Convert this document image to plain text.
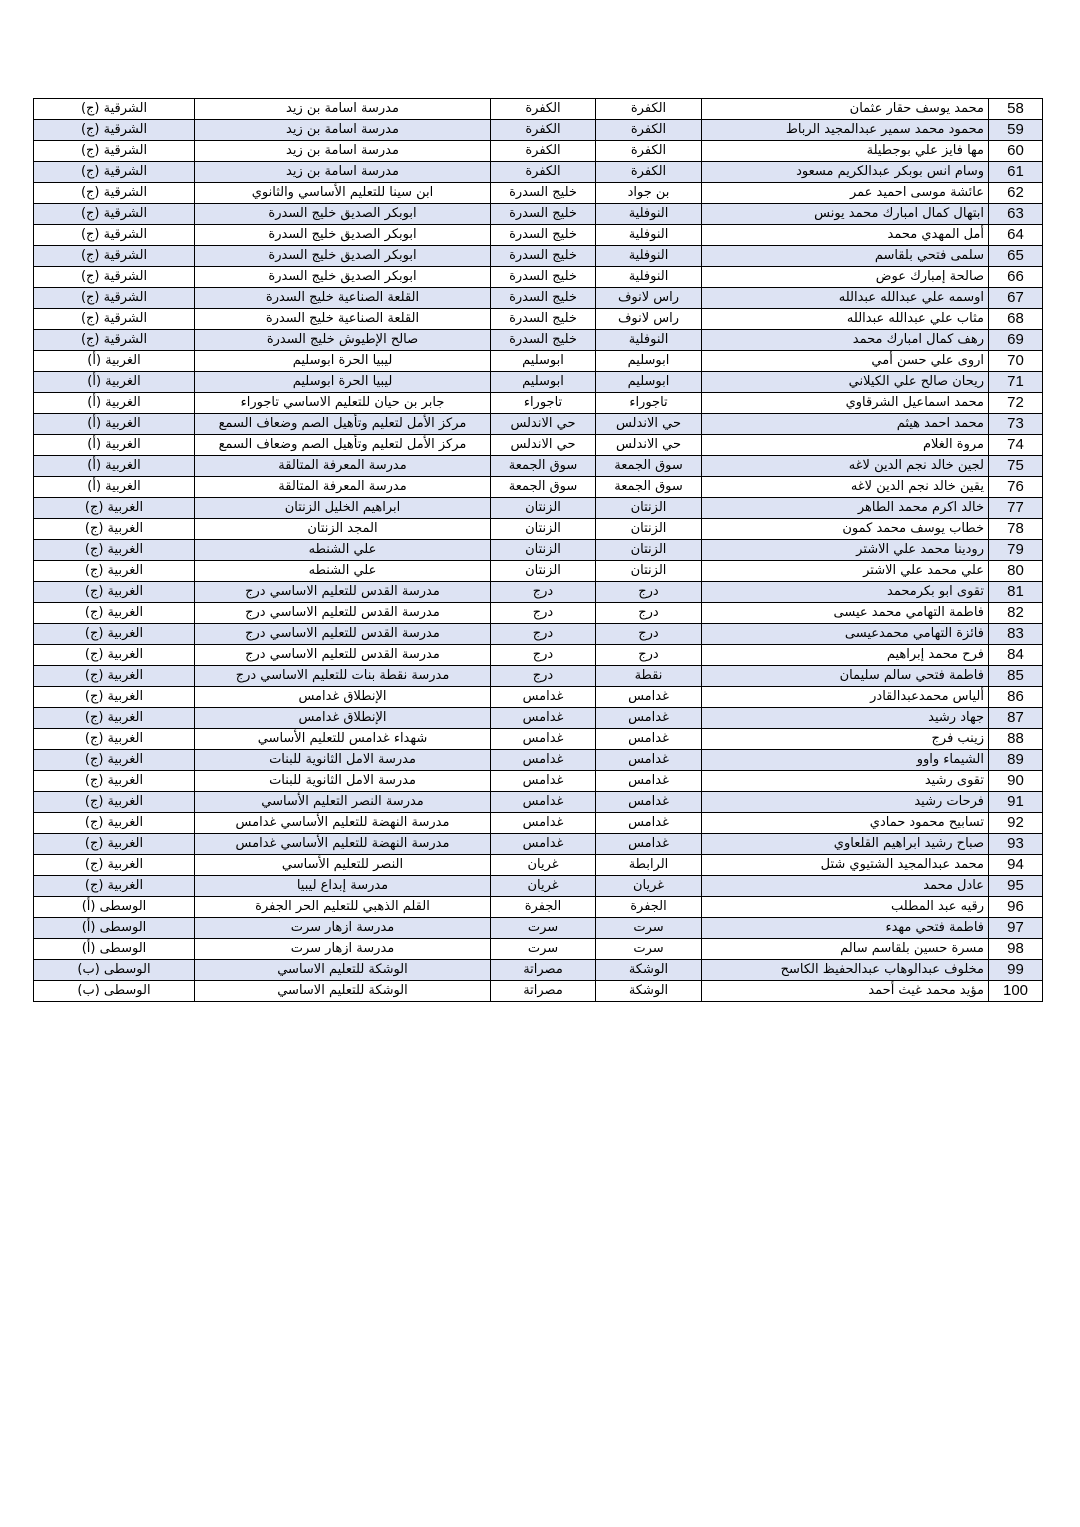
58	محمد يوسف حقار عثمان	الكفرة	الكفرة	مدرسة اسامة بن زيد	الشرقية (ج)
59	محمود محمد سمير عبدالمجيد الرباط	الكفرة	الكفرة	مدرسة اسامة بن زيد	الشرقية (ج)
60	مها فايز علي بوجطيلة	الكفرة	الكفرة	مدرسة اسامة بن زيد	الشرقية (ج)
61	وسام انس بوبكر عبدالكريم مسعود	الكفرة	الكفرة	مدرسة اسامة بن زيد	الشرقية (ج)
62	عائشة موسى احميد عمر	بن جواد	خليج السدرة	ابن سينا للتعليم الأساسي والثانوي	الشرقية (ج)
63	ابتهال كمال امبارك محمد يونس	النوفلية	خليج السدرة	ابوبكر الصديق خليج السدرة	الشرقية (ج)
64	أمل المهدي محمد	النوفلية	خليج السدرة	ابوبكر الصديق خليج السدرة	الشرقية (ج)
65	سلمى فتحي بلقاسم	النوفلية	خليج السدرة	ابوبكر الصديق خليج السدرة	الشرقية (ج)
66	صالحة إمبارك عوض	النوفلية	خليج السدرة	ابوبكر الصديق خليج السدرة	الشرقية (ج)
67	اوسمه علي عبدالله عبدالله	راس لانوف	خليج السدرة	القلعة الصناعية خليج السدرة	الشرقية (ج)
68	مثاب علي عبدالله عبدالله	راس لانوف	خليج السدرة	القلعة الصناعية خليج السدرة	الشرقية (ج)
69	رهف كمال امبارك محمد	النوفلية	خليج السدرة	صالح الإطيوش خليج السدرة	الشرقية (ج)
70	اروى علي حسن أمي	ابوسليم	ابوسليم	ليبيا الحرة ابوسليم	الغربية (أ)
71	ريحان صالح علي الكيلاني	ابوسليم	ابوسليم	ليبيا الحرة ابوسليم	الغربية (أ)
72	محمد اسماعيل الشرقاوي	تاجوراء	تاجوراء	جابر بن حيان للتعليم الاساسي تاجوراء	الغربية (أ)
73	محمد احمد هيثم	حي الاندلس	حي الاندلس	مركز الأمل لتعليم وتأهيل الصم وضعاف السمع	الغربية (أ)
74	مروة الغلام	حي الاندلس	حي الاندلس	مركز الأمل لتعليم وتأهيل الصم وضعاف السمع	الغربية (أ)
75	لجين خالد نجم الدين لاغه	سوق الجمعة	سوق الجمعة	مدرسة المعرفة المتالقة	الغربية (أ)
76	يقين خالد نجم الدين لاغه	سوق الجمعة	سوق الجمعة	مدرسة المعرفة المتالقة	الغربية (أ)
77	خالد اكرم محمد الطاهر	الزنتان	الزنتان	ابراهيم الخليل الزنتان	الغربية (ج)
78	خطاب يوسف محمد كمون	الزنتان	الزنتان	المجد الزنتان	الغربية (ج)
79	رودينا محمد علي الاشتر	الزنتان	الزنتان	علي الشنطه	الغربية (ج)
80	علي محمد علي الاشتر	الزنتان	الزنتان	علي الشنطه	الغربية (ج)
81	تقوى ابو بكرمحمد	درج	درج	مدرسة القدس للتعليم الاساسي درج	الغربية (ج)
82	فاطمة التهامي محمد عيسى	درج	درج	مدرسة القدس للتعليم الاساسي درج	الغربية (ج)
83	فائزة التهامي محمدعيسى	درج	درج	مدرسة القدس للتعليم الاساسي درج	الغربية (ج)
84	فرح محمد إبراهيم	درج	درج	مدرسة القدس للتعليم الاساسي درج	الغربية (ج)
85	فاطمة فتحي سالم سليمان	نقطة	درج	مدرسة نقطة بنات للتعليم الاساسي درج	الغربية (ج)
86	ألياس محمدعبدالقادر	غدامس	غدامس	الإنطلاق غدامس	الغربية (ج)
87	جهاد رشيد	غدامس	غدامس	الإنطلاق غدامس	الغربية (ج)
88	زينب فرج	غدامس	غدامس	شهداء غدامس للتعليم الأساسي	الغربية (ج)
89	الشيماء واوو	غدامس	غدامس	مدرسة الامل الثانوية للبنات	الغربية (ج)
90	تقوى رشيد	غدامس	غدامس	مدرسة الامل الثانوية للبنات	الغربية (ج)
91	فرحات رشيد	غدامس	غدامس	مدرسة النصر التعليم الأساسي	الغربية (ج)
92	تسابيح محمود حمادي	غدامس	غدامس	مدرسة النهضة للتعليم الأساسي غدامس	الغربية (ج)
93	صباح رشيد ابراهيم القلعاوي	غدامس	غدامس	مدرسة النهضة للتعليم الأساسي غدامس	الغربية (ج)
94	محمد عبدالمجيد الشتيوي شتل	الرابطة	غريان	النصر للتعليم الأساسي	الغربية (ج)
95	عادل محمد	غريان	غريان	مدرسة إبداع ليبيا	الغربية (ج)
96	رقيه عبد المطلب	الجفرة	الجفرة	القلم الذهبي للتعليم الحر الجفرة	الوسطى (أ)
97	فاطمة فتحي مهدء	سرت	سرت	مدرسة ازهار سرت	الوسطى (أ)
98	مسرة حسين بلقاسم سالم	سرت	سرت	مدرسة ازهار سرت	الوسطى (أ)
99	مخلوف عبدالوهاب عبدالحفيظ الكاسح	الوشكة	مصراتة	الوشكة للتعليم الاساسي	الوسطى (ب)
100	مؤيد محمد غيث أحمد	الوشكة	مصراتة	الوشكة للتعليم الاساسي	الوسطى (ب)
